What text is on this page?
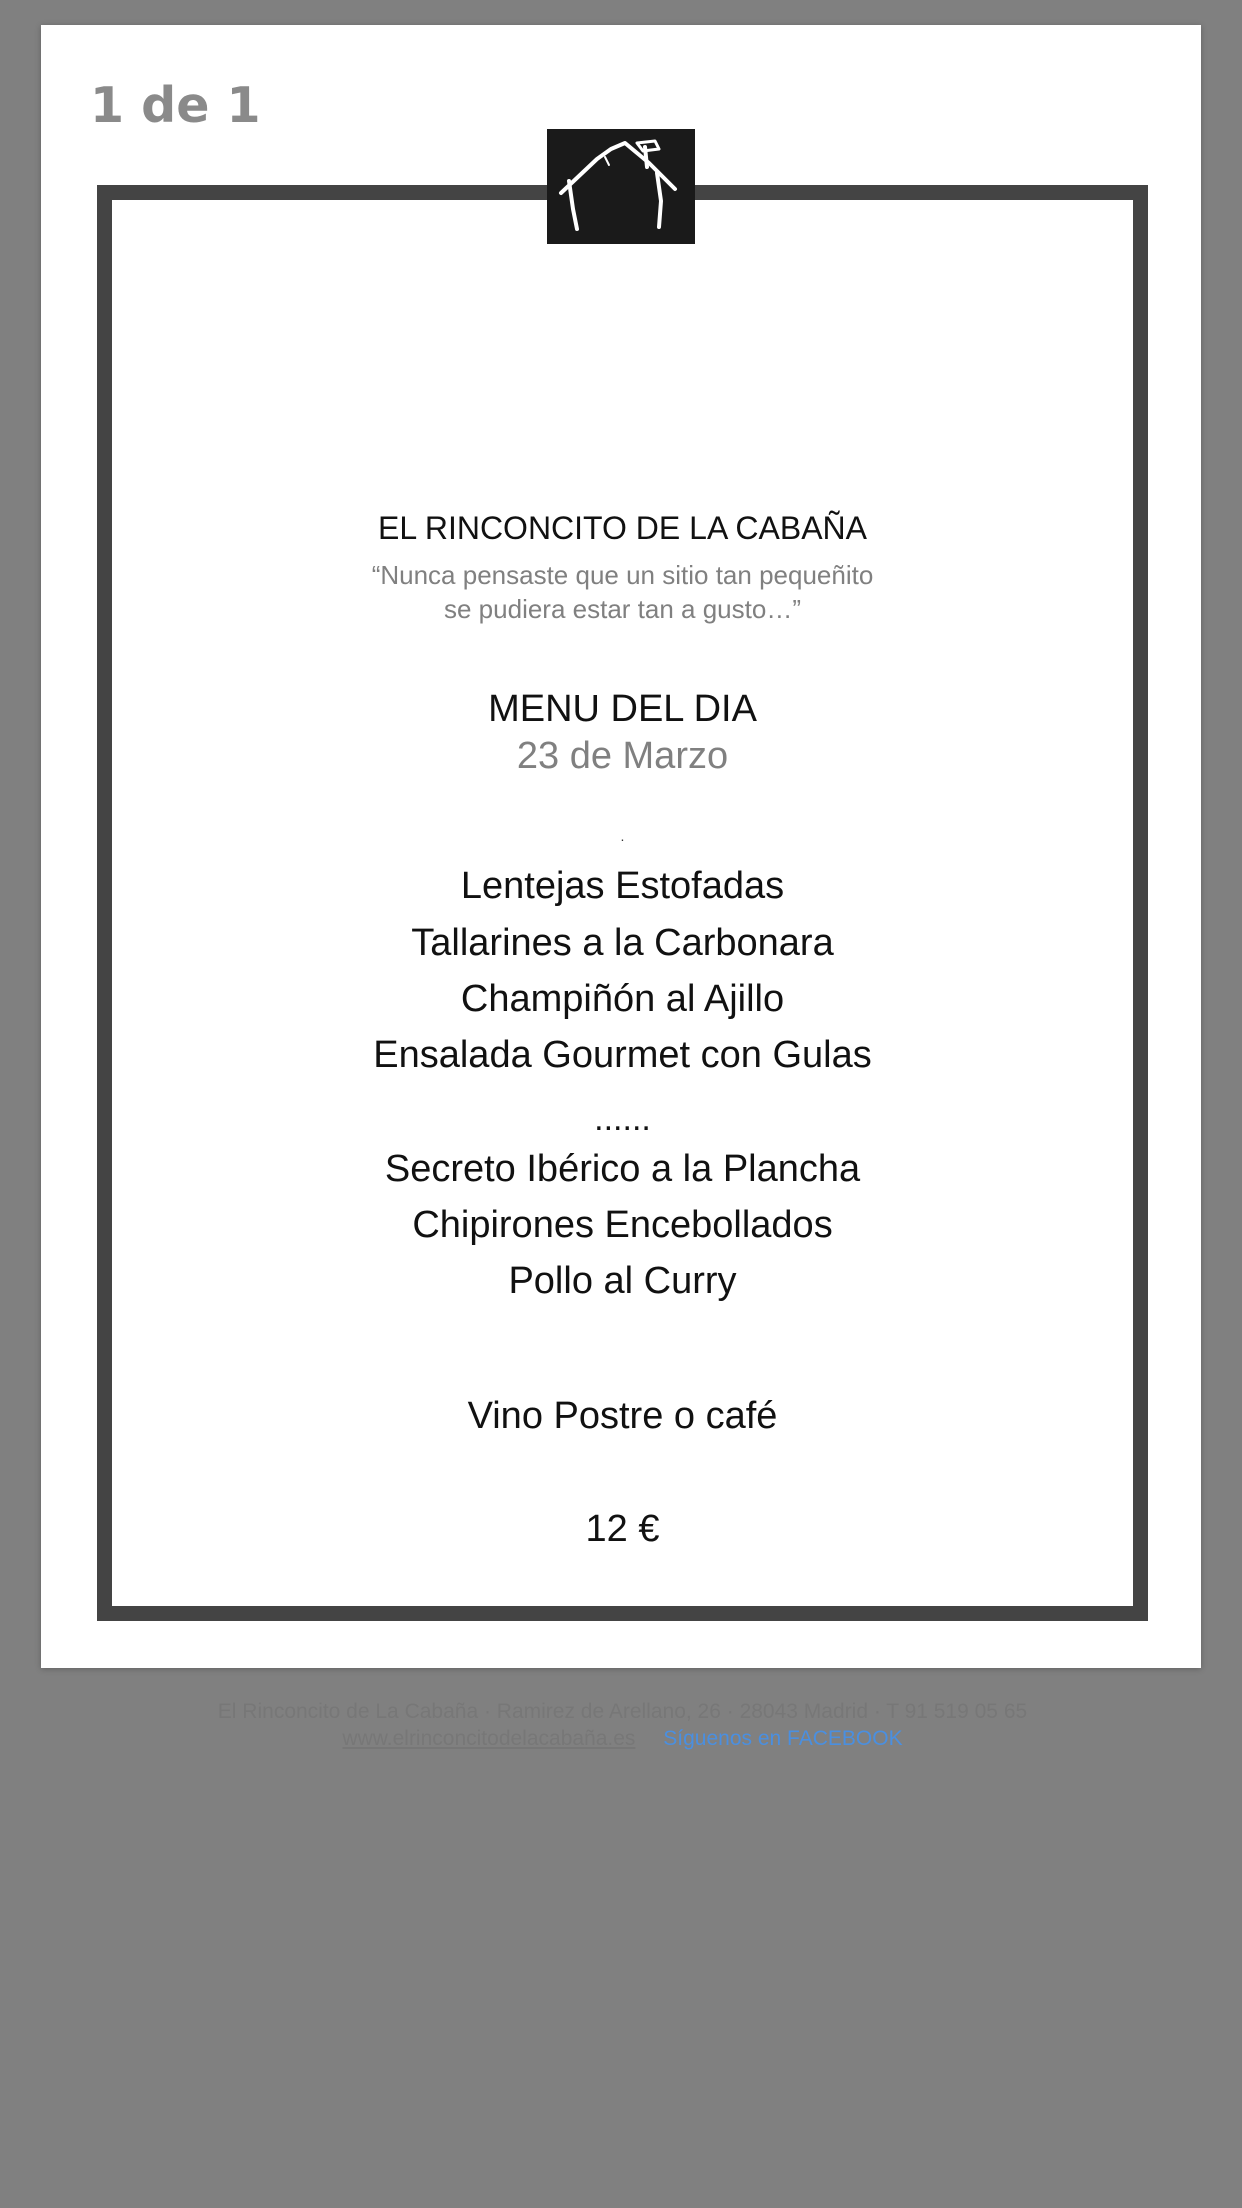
1 de 1
EL RINCONCITO DE LA CABAÑA
“Nunca pensaste que un sitio tan pequeñito
se pudiera estar tan a gusto…”
MENU DEL DIA
23 de Marzo
.
Lentejas Estofadas
Tallarines a la Carbonara
Champiñón al Ajillo
Ensalada Gourmet con Gulas
......
Secreto Ibérico a la Plancha
Chipirones Encebollados
Pollo al Curry
Vino Postre o café
12 €
El Rinconcito de La Cabaña · Ramirez de Arellano, 26 · 28043 Madrid · T 91 519 05 65
www.elrinconcitodelacabaña.es Síguenos en FACEBOOK
